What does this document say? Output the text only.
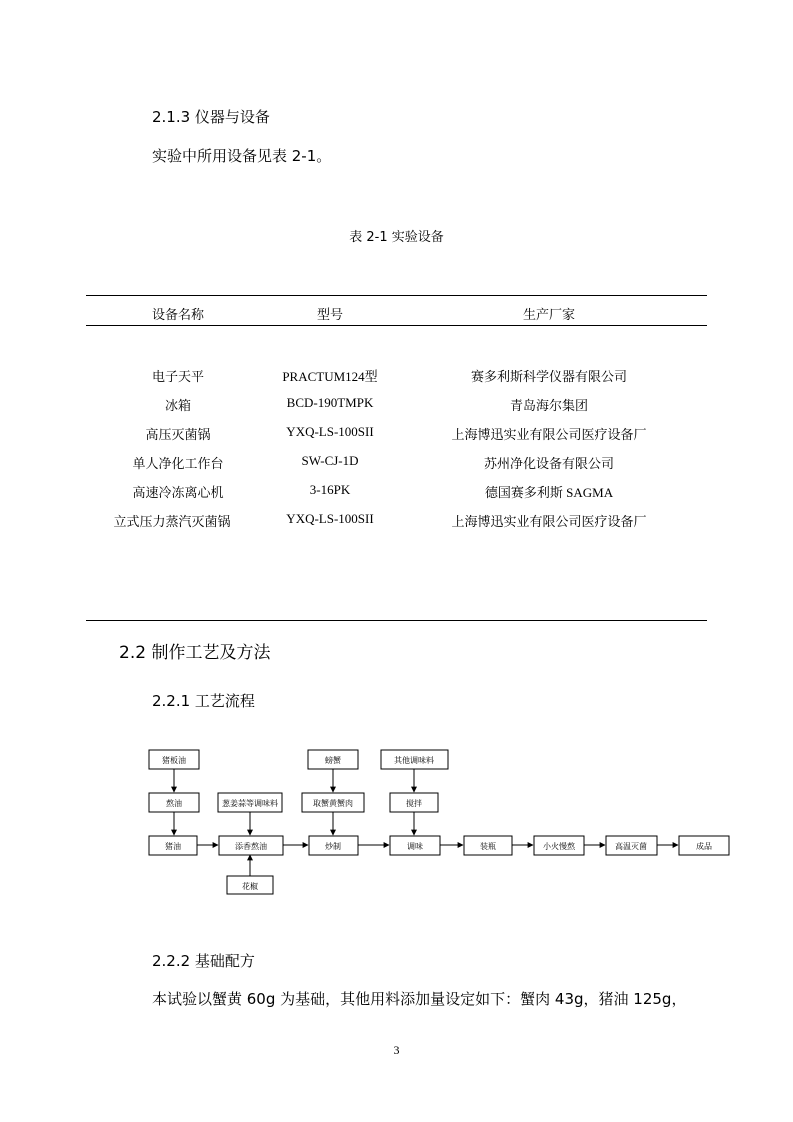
2.1.3 仪器与设备
实验中所用设备见表 2-1。
表 2-1 实验设备
设备名称	型号	生产厂家
电子天平	PRACTUM124型	赛多利斯科学仪器有限公司
冰箱	BCD-190TMPK	青岛海尔集团
高压灭菌锅	YXQ-LS-100SII	上海博迅实业有限公司医疗设备厂
单人净化工作台	SW-CJ-1D	苏州净化设备有限公司
高速冷冻离心机	3-16PK	德国赛多利斯 SAGMA
立式压力蒸汽灭菌锅	YXQ-LS-100SII	上海博迅实业有限公司医疗设备厂
2.2 制作工艺及方法
2.2.1 工艺流程
猪板油
熬油
猪油
葱姜蒜等调味料
添香熬油
花椒
螃蟹
取蟹黄蟹肉
炒制
其他调味料
搅拌
调味	装瓶	小火慢熬	高温灭菌	成品
2.2.2 基础配方
本试验以蟹黄 60g 为基础，其他用料添加量设定如下：蟹肉 43g，猪油 125g，
3
